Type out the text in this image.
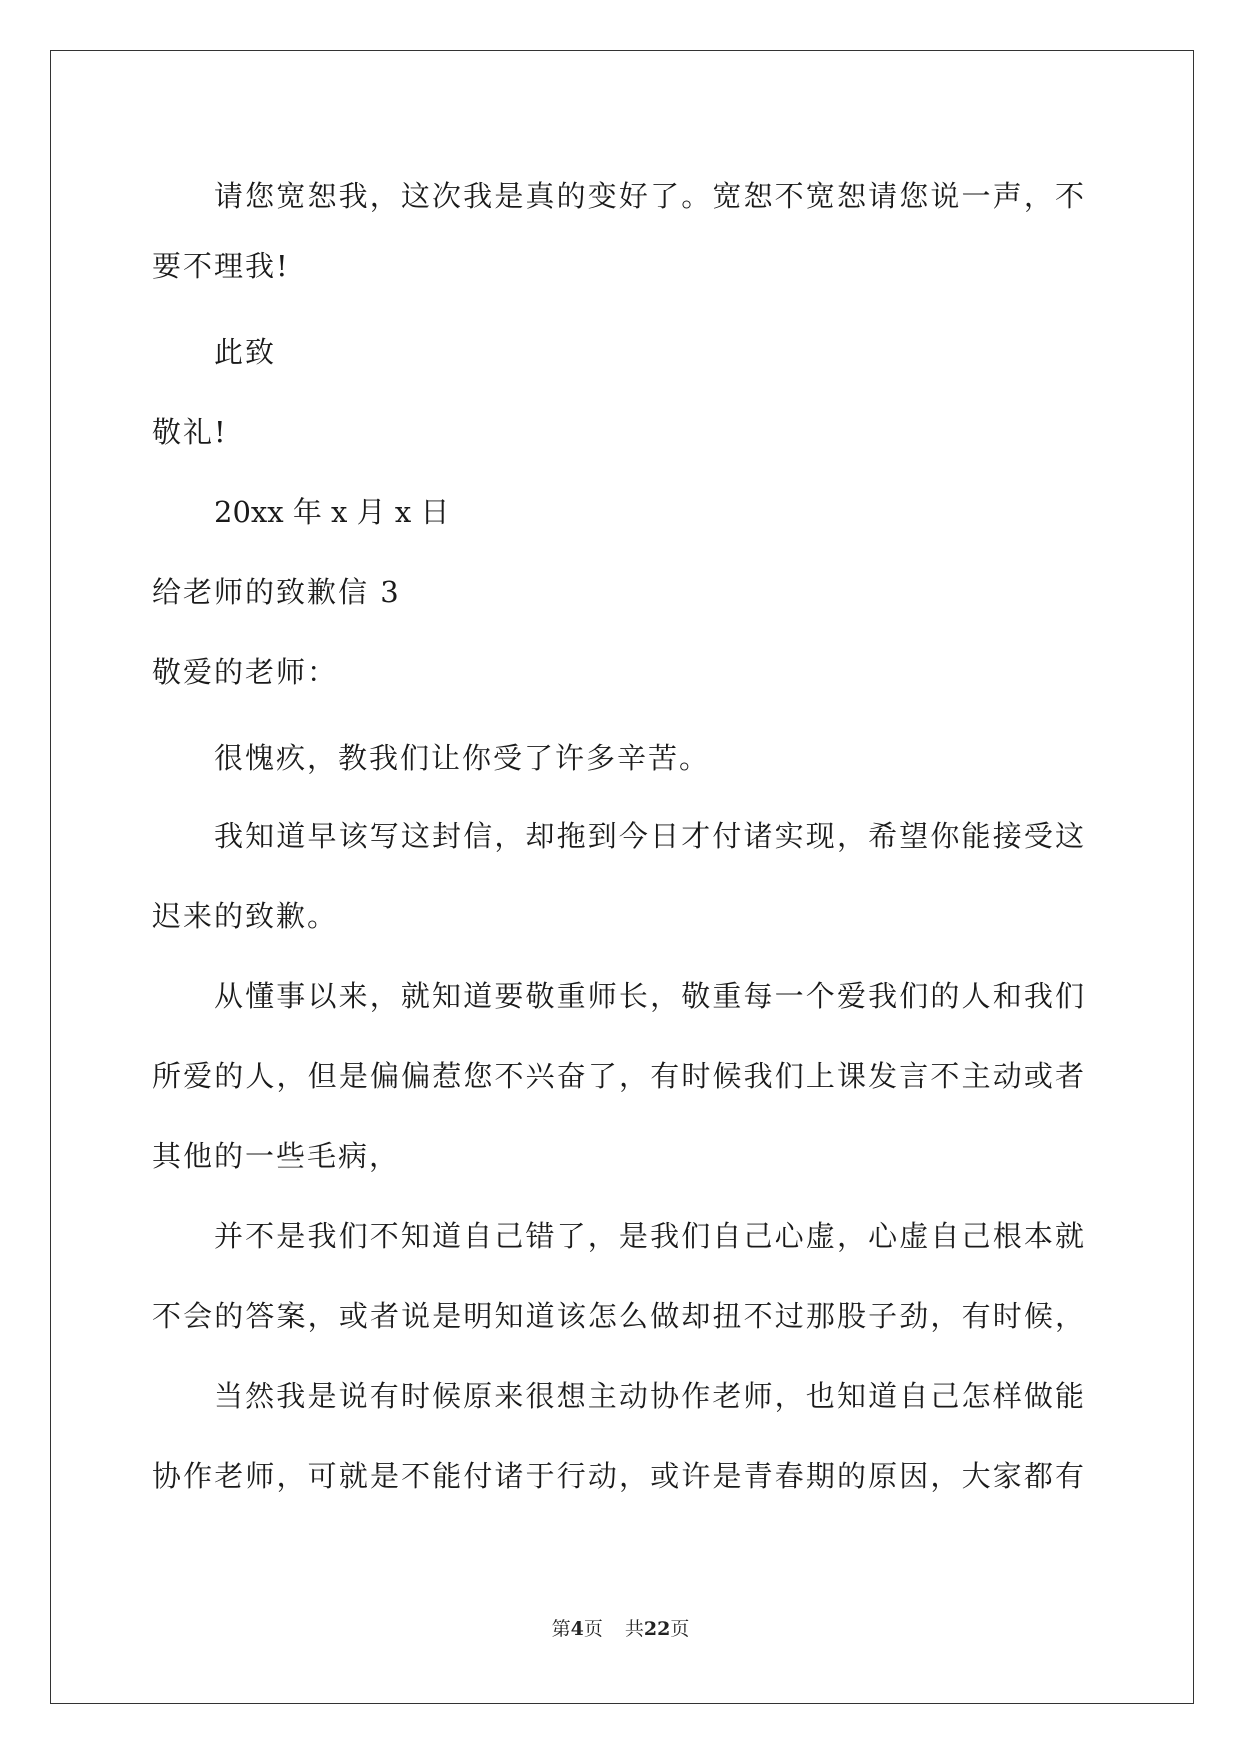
请您宽恕我，这次我是真的变好了。宽恕不宽恕请您说一声，不
要不理我!
此致
敬礼!
20xx 年 x 月 x 日
给老师的致歉信 3
敬爱的老师：
很愧疚，教我们让你受了许多辛苦。
我知道早该写这封信，却拖到今日才付诸实现，希望你能接受这
迟来的致歉。
从懂事以来，就知道要敬重师长，敬重每一个爱我们的人和我们
所爱的人，但是偏偏惹您不兴奋了，有时候我们上课发言不主动或者
其他的一些毛病，
并不是我们不知道自己错了，是我们自己心虚，心虚自己根本就
不会的答案，或者说是明知道该怎么做却扭不过那股子劲，有时候，
当然我是说有时候原来很想主动协作老师，也知道自己怎样做能
协作老师，可就是不能付诸于行动，或许是青春期的原因，大家都有
第4页 共22页
